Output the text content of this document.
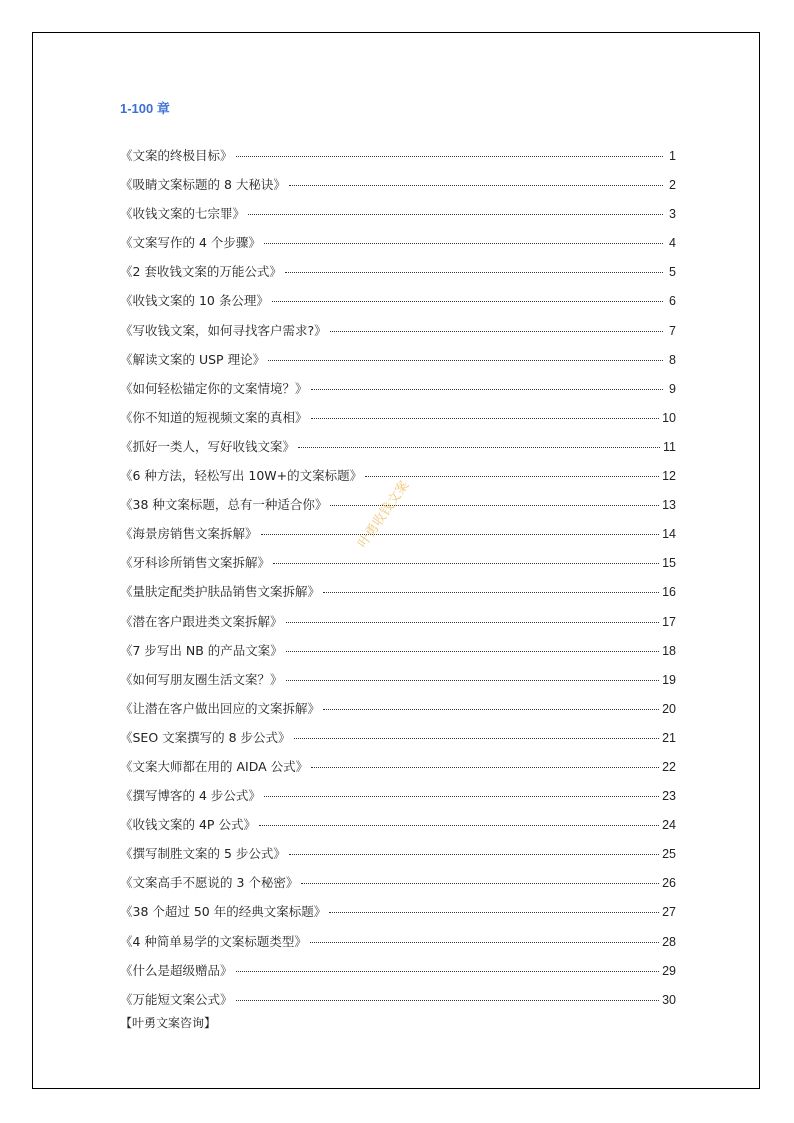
1-100 章
《文案的终极目标》	1
《吸睛文案标题的 8 大秘诀》	2
《收钱文案的七宗罪》	3
《文案写作的 4 个步骤》	4
《2 套收钱文案的万能公式》	5
《收钱文案的 10 条公理》	6
《写收钱文案，如何寻找客户需求?》	7
《解读文案的 USP 理论》	8
《如何轻松锚定你的文案情境？》	9
《你不知道的短视频文案的真相》	10
《抓好一类人，写好收钱文案》	11
《6 种方法，轻松写出 10W+的文案标题》	12
《38 种文案标题，总有一种适合你》	13
《海景房销售文案拆解》	14
《牙科诊所销售文案拆解》	15
《量肤定配类护肤品销售文案拆解》	16
《潜在客户跟进类文案拆解》	17
《7 步写出 NB 的产品文案》	18
《如何写朋友圈生活文案？》	19
《让潜在客户做出回应的文案拆解》	20
《SEO 文案撰写的 8 步公式》	21
《文案大师都在用的 AIDA 公式》	22
《撰写博客的 4 步公式》	23
《收钱文案的 4P 公式》	24
《撰写制胜文案的 5 步公式》	25
《文案高手不愿说的 3 个秘密》	26
《38 个超过 50 年的经典文案标题》	27
《4 种简单易学的文案标题类型》	28
《什么是超级赠品》	29
《万能短文案公式》	30
【叶勇文案咨询】
叶勇收钱文案
